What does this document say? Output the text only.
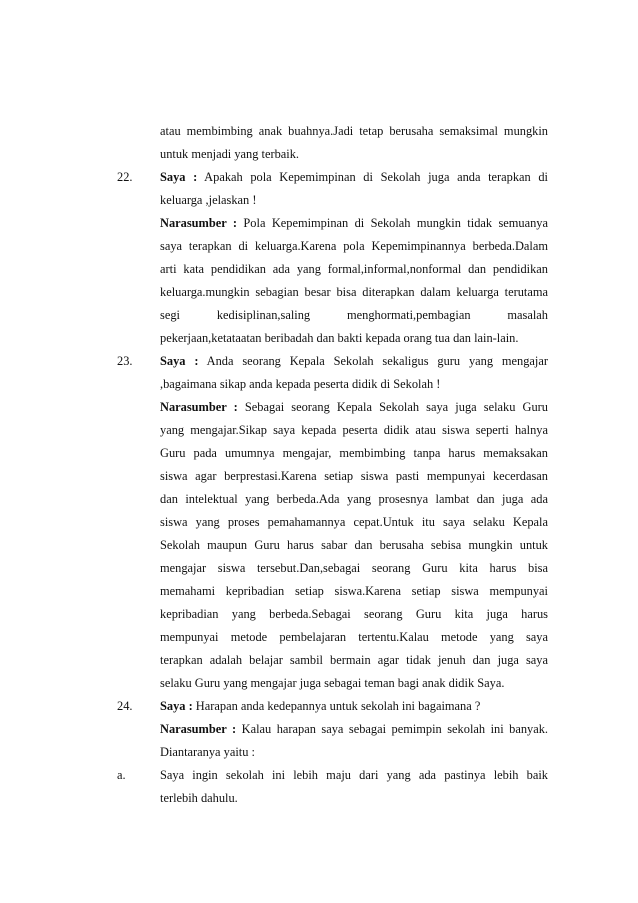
atau membimbing anak buahnya.Jadi tetap berusaha semaksimal mungkin
untuk menjadi yang terbaik.
22. Saya : Apakah pola Kepemimpinan di Sekolah juga anda terapkan di
keluarga ,jelaskan !
Narasumber : Pola Kepemimpinan di Sekolah mungkin tidak semuanya
saya terapkan di keluarga.Karena pola Kepemimpinannya berbeda.Dalam
arti kata pendidikan ada yang formal,informal,nonformal dan pendidikan
keluarga.mungkin sebagian besar bisa diterapkan dalam keluarga terutama
segi kedisiplinan,saling menghormati,pembagian masalah
pekerjaan,ketataatan beribadah dan bakti kepada orang tua dan lain-lain.
23. Saya : Anda seorang Kepala Sekolah sekaligus guru yang mengajar
,bagaimana sikap anda kepada peserta didik di Sekolah !
Narasumber : Sebagai seorang Kepala Sekolah saya juga selaku Guru
yang mengajar.Sikap saya kepada peserta didik atau siswa seperti halnya
Guru pada umumnya mengajar, membimbing tanpa harus memaksakan
siswa agar berprestasi.Karena setiap siswa pasti mempunyai kecerdasan
dan intelektual yang berbeda.Ada yang prosesnya lambat dan juga ada
siswa yang proses pemahamannya cepat.Untuk itu saya selaku Kepala
Sekolah maupun Guru harus sabar dan berusaha sebisa mungkin untuk
mengajar siswa tersebut.Dan,sebagai seorang Guru kita harus bisa
memahami kepribadian setiap siswa.Karena setiap siswa mempunyai
kepribadian yang berbeda.Sebagai seorang Guru kita juga harus
mempunyai metode pembelajaran tertentu.Kalau metode yang saya
terapkan adalah belajar sambil bermain agar tidak jenuh dan juga saya
selaku Guru yang mengajar juga sebagai teman bagi anak didik Saya.
24. Saya : Harapan anda kedepannya untuk sekolah ini bagaimana ?
Narasumber : Kalau harapan saya sebagai pemimpin sekolah ini banyak.
Diantaranya yaitu :
a.	Saya ingin sekolah ini lebih maju dari yang ada pastinya lebih baik
terlebih dahulu.
